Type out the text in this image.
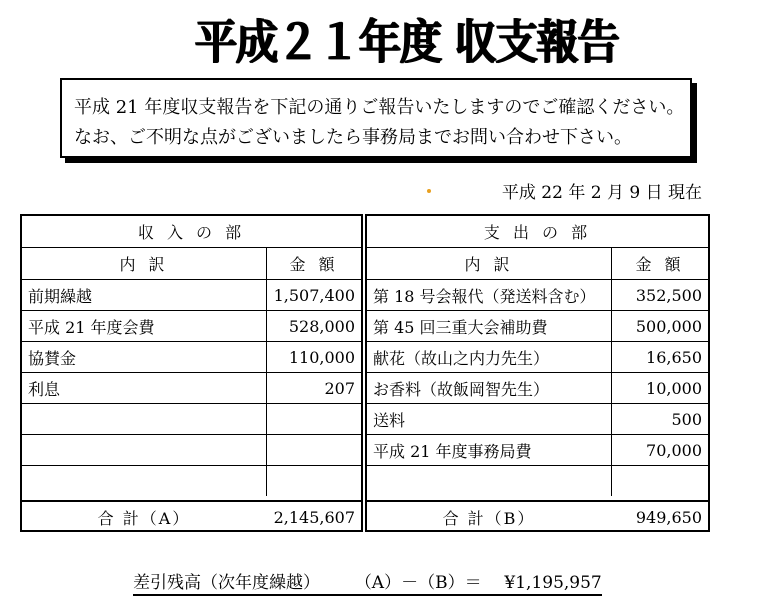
平成２１年度 収支報告
平成 21 年度収支報告を下記の通りご報告いたしますのでご確認ください。
なお、ご不明な点がございましたら事務局までお問い合わせ下さい。
平成 22 年 2 月 9 日 現在
収 入 の 部
内 訳	金 額
前期繰越	1,507,400
平成 21 年度会費	528,000
協賛金	110,000
利息	207
合 計（A）	2,145,607
支 出 の 部
内 訳	金 額
第 18 号会報代（発送料含む）	352,500
第 45 回三重大会補助費	500,000
献花（故山之内力先生）	16,650
お香料（故飯岡智先生）	10,000
送料	500
平成 21 年度事務局費	70,000
合 計（B）	949,650
差引残高（次年度繰越） （A）－（B）＝ ¥1,195,957
